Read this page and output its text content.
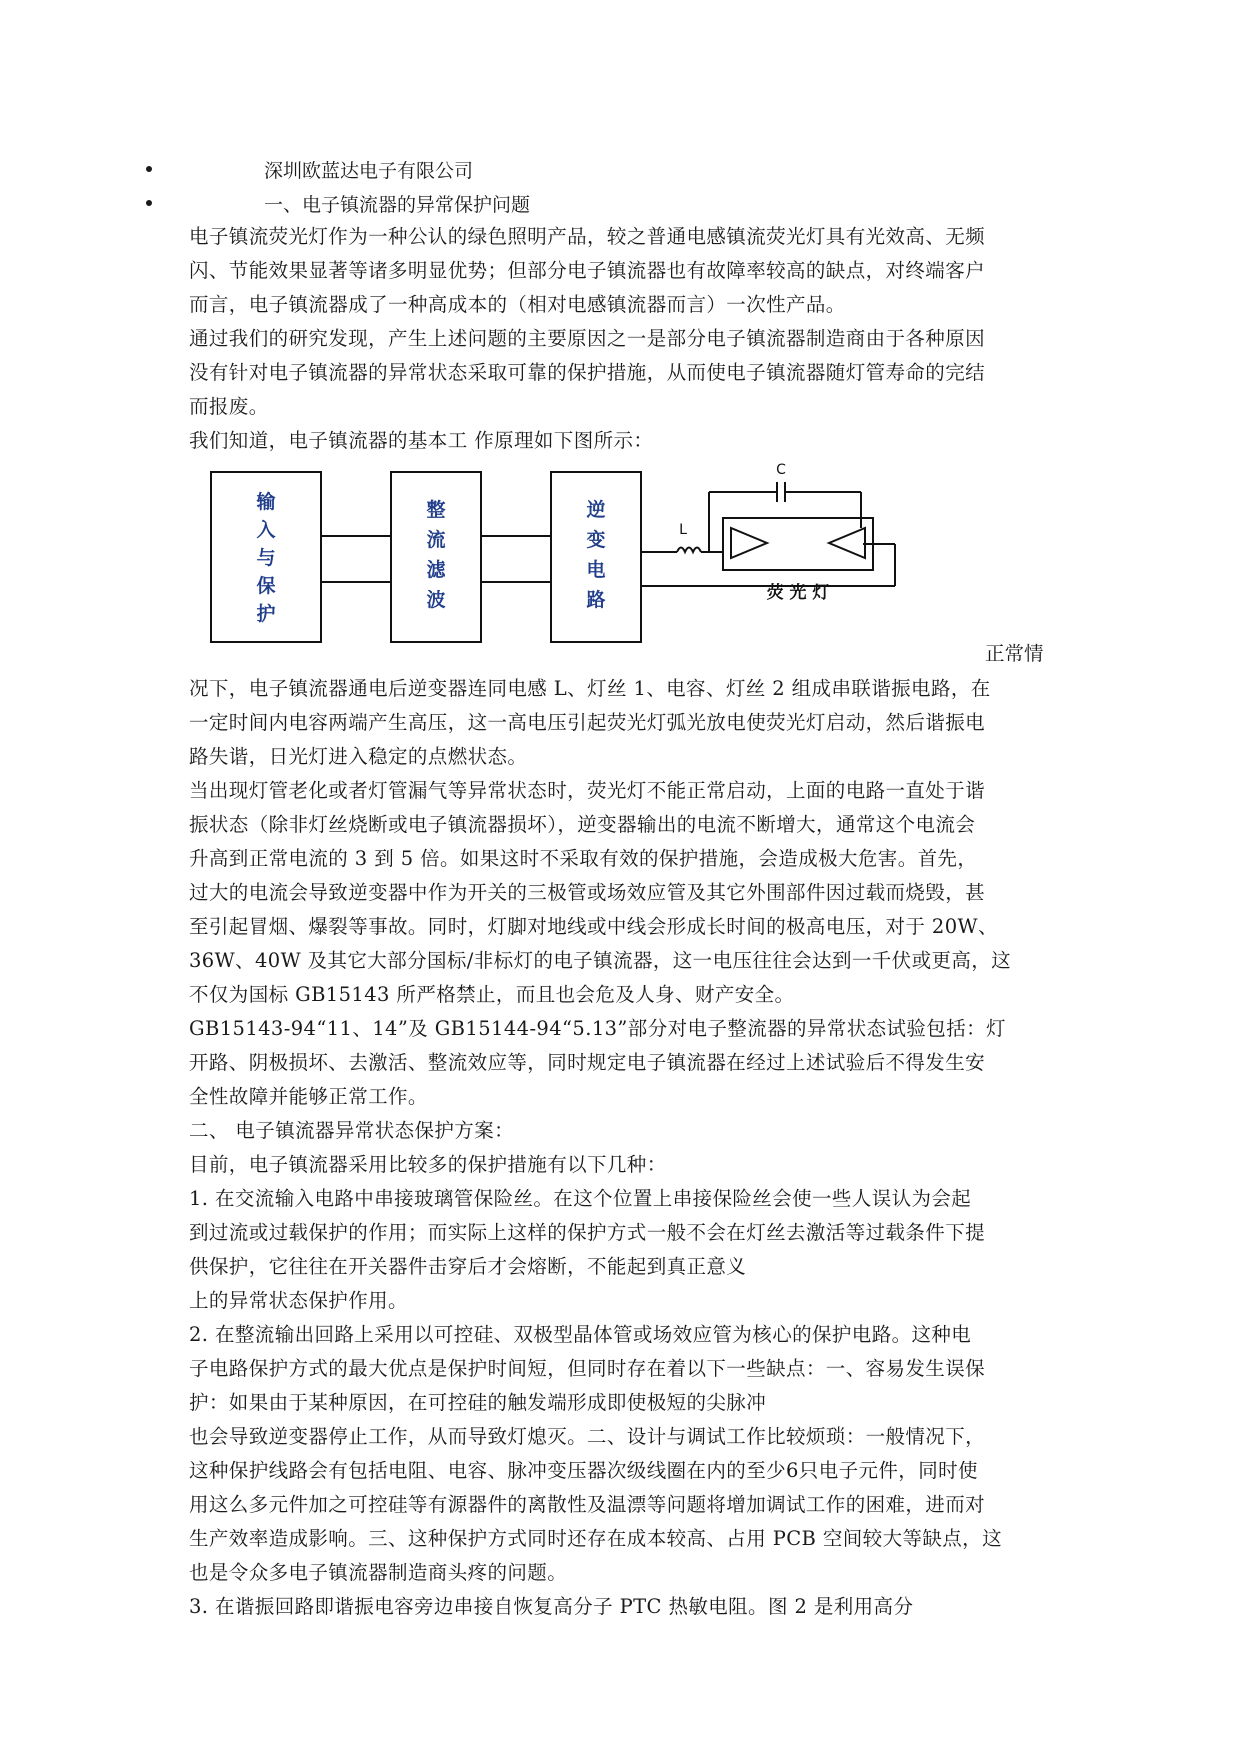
深圳欧蓝达电子有限公司
一、电子镇流器的异常保护问题
电子镇流荧光灯作为一种公认的绿色照明产品，较之普通电感镇流荧光灯具有光效高、无频
闪、节能效果显著等诸多明显优势；但部分电子镇流器也有故障率较高的缺点，对终端客户
而言，电子镇流器成了一种高成本的（相对电感镇流器而言）一次性产品。
通过我们的研究发现，产生上述问题的主要原因之一是部分电子镇流器制造商由于各种原因
没有针对电子镇流器的异常状态采取可靠的保护措施，从而使电子镇流器随灯管寿命的完结
而报废。
我们知道，电子镇流器的基本工 作原理如下图所示：
输
入
与
保
护
整
流
滤
波
逆
变
电
路
C
L
荧 光 灯
正常情
况下，电子镇流器通电后逆变器连同电感 L、灯丝 1、电容、灯丝 2 组成串联谐振电路，在
一定时间内电容两端产生高压，这一高电压引起荧光灯弧光放电使荧光灯启动，然后谐振电
路失谐，日光灯进入稳定的点燃状态。
当出现灯管老化或者灯管漏气等异常状态时，荧光灯不能正常启动，上面的电路一直处于谐
振状态（除非灯丝烧断或电子镇流器损坏），逆变器输出的电流不断增大，通常这个电流会
升高到正常电流的 3 到 5 倍。如果这时不采取有效的保护措施，会造成极大危害。首先，
过大的电流会导致逆变器中作为开关的三极管或场效应管及其它外围部件因过载而烧毁，甚
至引起冒烟、爆裂等事故。同时，灯脚对地线或中线会形成长时间的极高电压，对于 20W、
36W、40W 及其它大部分国标/非标灯的电子镇流器，这一电压往往会达到一千伏或更高，这
不仅为国标 GB15143 所严格禁止，而且也会危及人身、财产安全。
GB15143-94“11、14”及 GB15144-94“5.13”部分对电子整流器的异常状态试验包括：灯
开路、阴极损坏、去激活、整流效应等，同时规定电子镇流器在经过上述试验后不得发生安
全性故障并能够正常工作。
二、 电子镇流器异常状态保护方案：
目前，电子镇流器采用比较多的保护措施有以下几种：
1. 在交流输入电路中串接玻璃管保险丝。在这个位置上串接保险丝会使一些人误认为会起
到过流或过载保护的作用；而实际上这样的保护方式一般不会在灯丝去激活等过载条件下提
供保护，它往往在开关器件击穿后才会熔断，不能起到真正意义
上的异常状态保护作用。
2. 在整流输出回路上采用以可控硅、双极型晶体管或场效应管为核心的保护电路。这种电
子电路保护方式的最大优点是保护时间短，但同时存在着以下一些缺点：一、容易发生误保
护：如果由于某种原因，在可控硅的触发端形成即使极短的尖脉冲
也会导致逆变器停止工作，从而导致灯熄灭。二、设计与调试工作比较烦琐：一般情况下，
这种保护线路会有包括电阻、电容、脉冲变压器次级线圈在内的至少6只电子元件，同时使
用这么多元件加之可控硅等有源器件的离散性及温漂等问题将增加调试工作的困难，进而对
生产效率造成影响。三、这种保护方式同时还存在成本较高、占用 PCB 空间较大等缺点，这
也是令众多电子镇流器制造商头疼的问题。
3. 在谐振回路即谐振电容旁边串接自恢复高分子 PTC 热敏电阻。图 2 是利用高分
